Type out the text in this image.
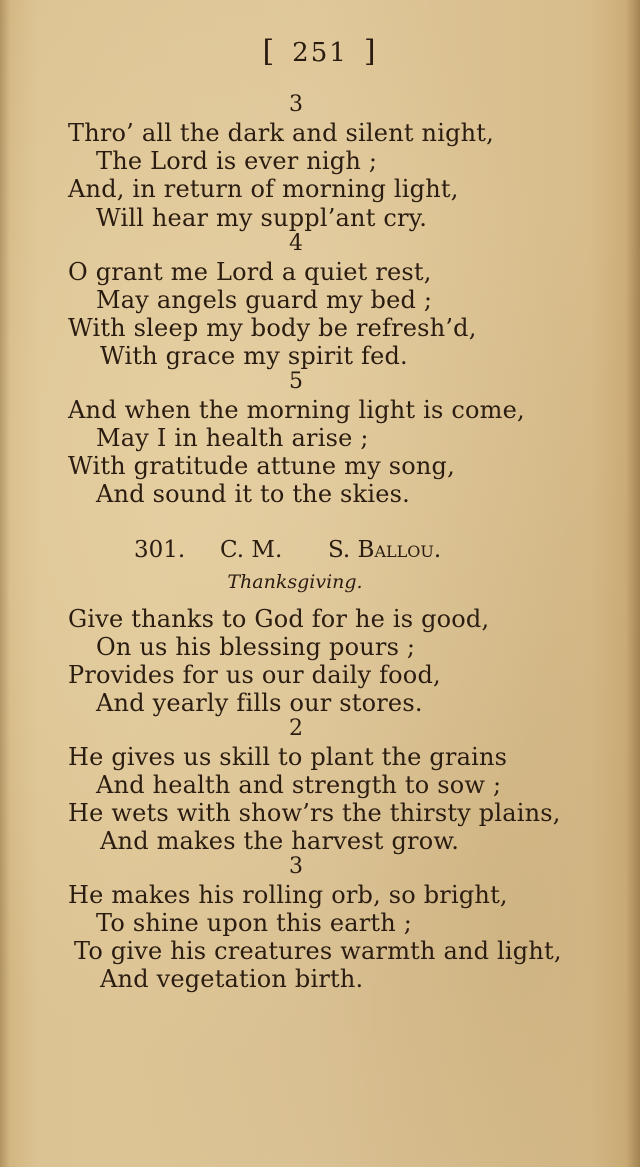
[ 251 ]
3
Thro’ all the dark and silent night,
The Lord is ever nigh ;
And, in return of morning light,
Will hear my suppl’ant cry.
4
O grant me Lord a quiet rest,
May angels guard my bed ;
With sleep my body be refresh’d,
With grace my spirit fed.
5
And when the morning light is come,
May I in health arise ;
With gratitude attune my song,
And sound it to the skies.
301. C. M. S. Ballou.
Thanksgiving.
Give thanks to God for he is good,
On us his blessing pours ;
Provides for us our daily food,
And yearly fills our stores.
2
He gives us skill to plant the grains
And health and strength to sow ;
He wets with show’rs the thirsty plains,
And makes the harvest grow.
3
He makes his rolling orb, so bright,
To shine upon this earth ;
To give his creatures warmth and light,
And vegetation birth.
